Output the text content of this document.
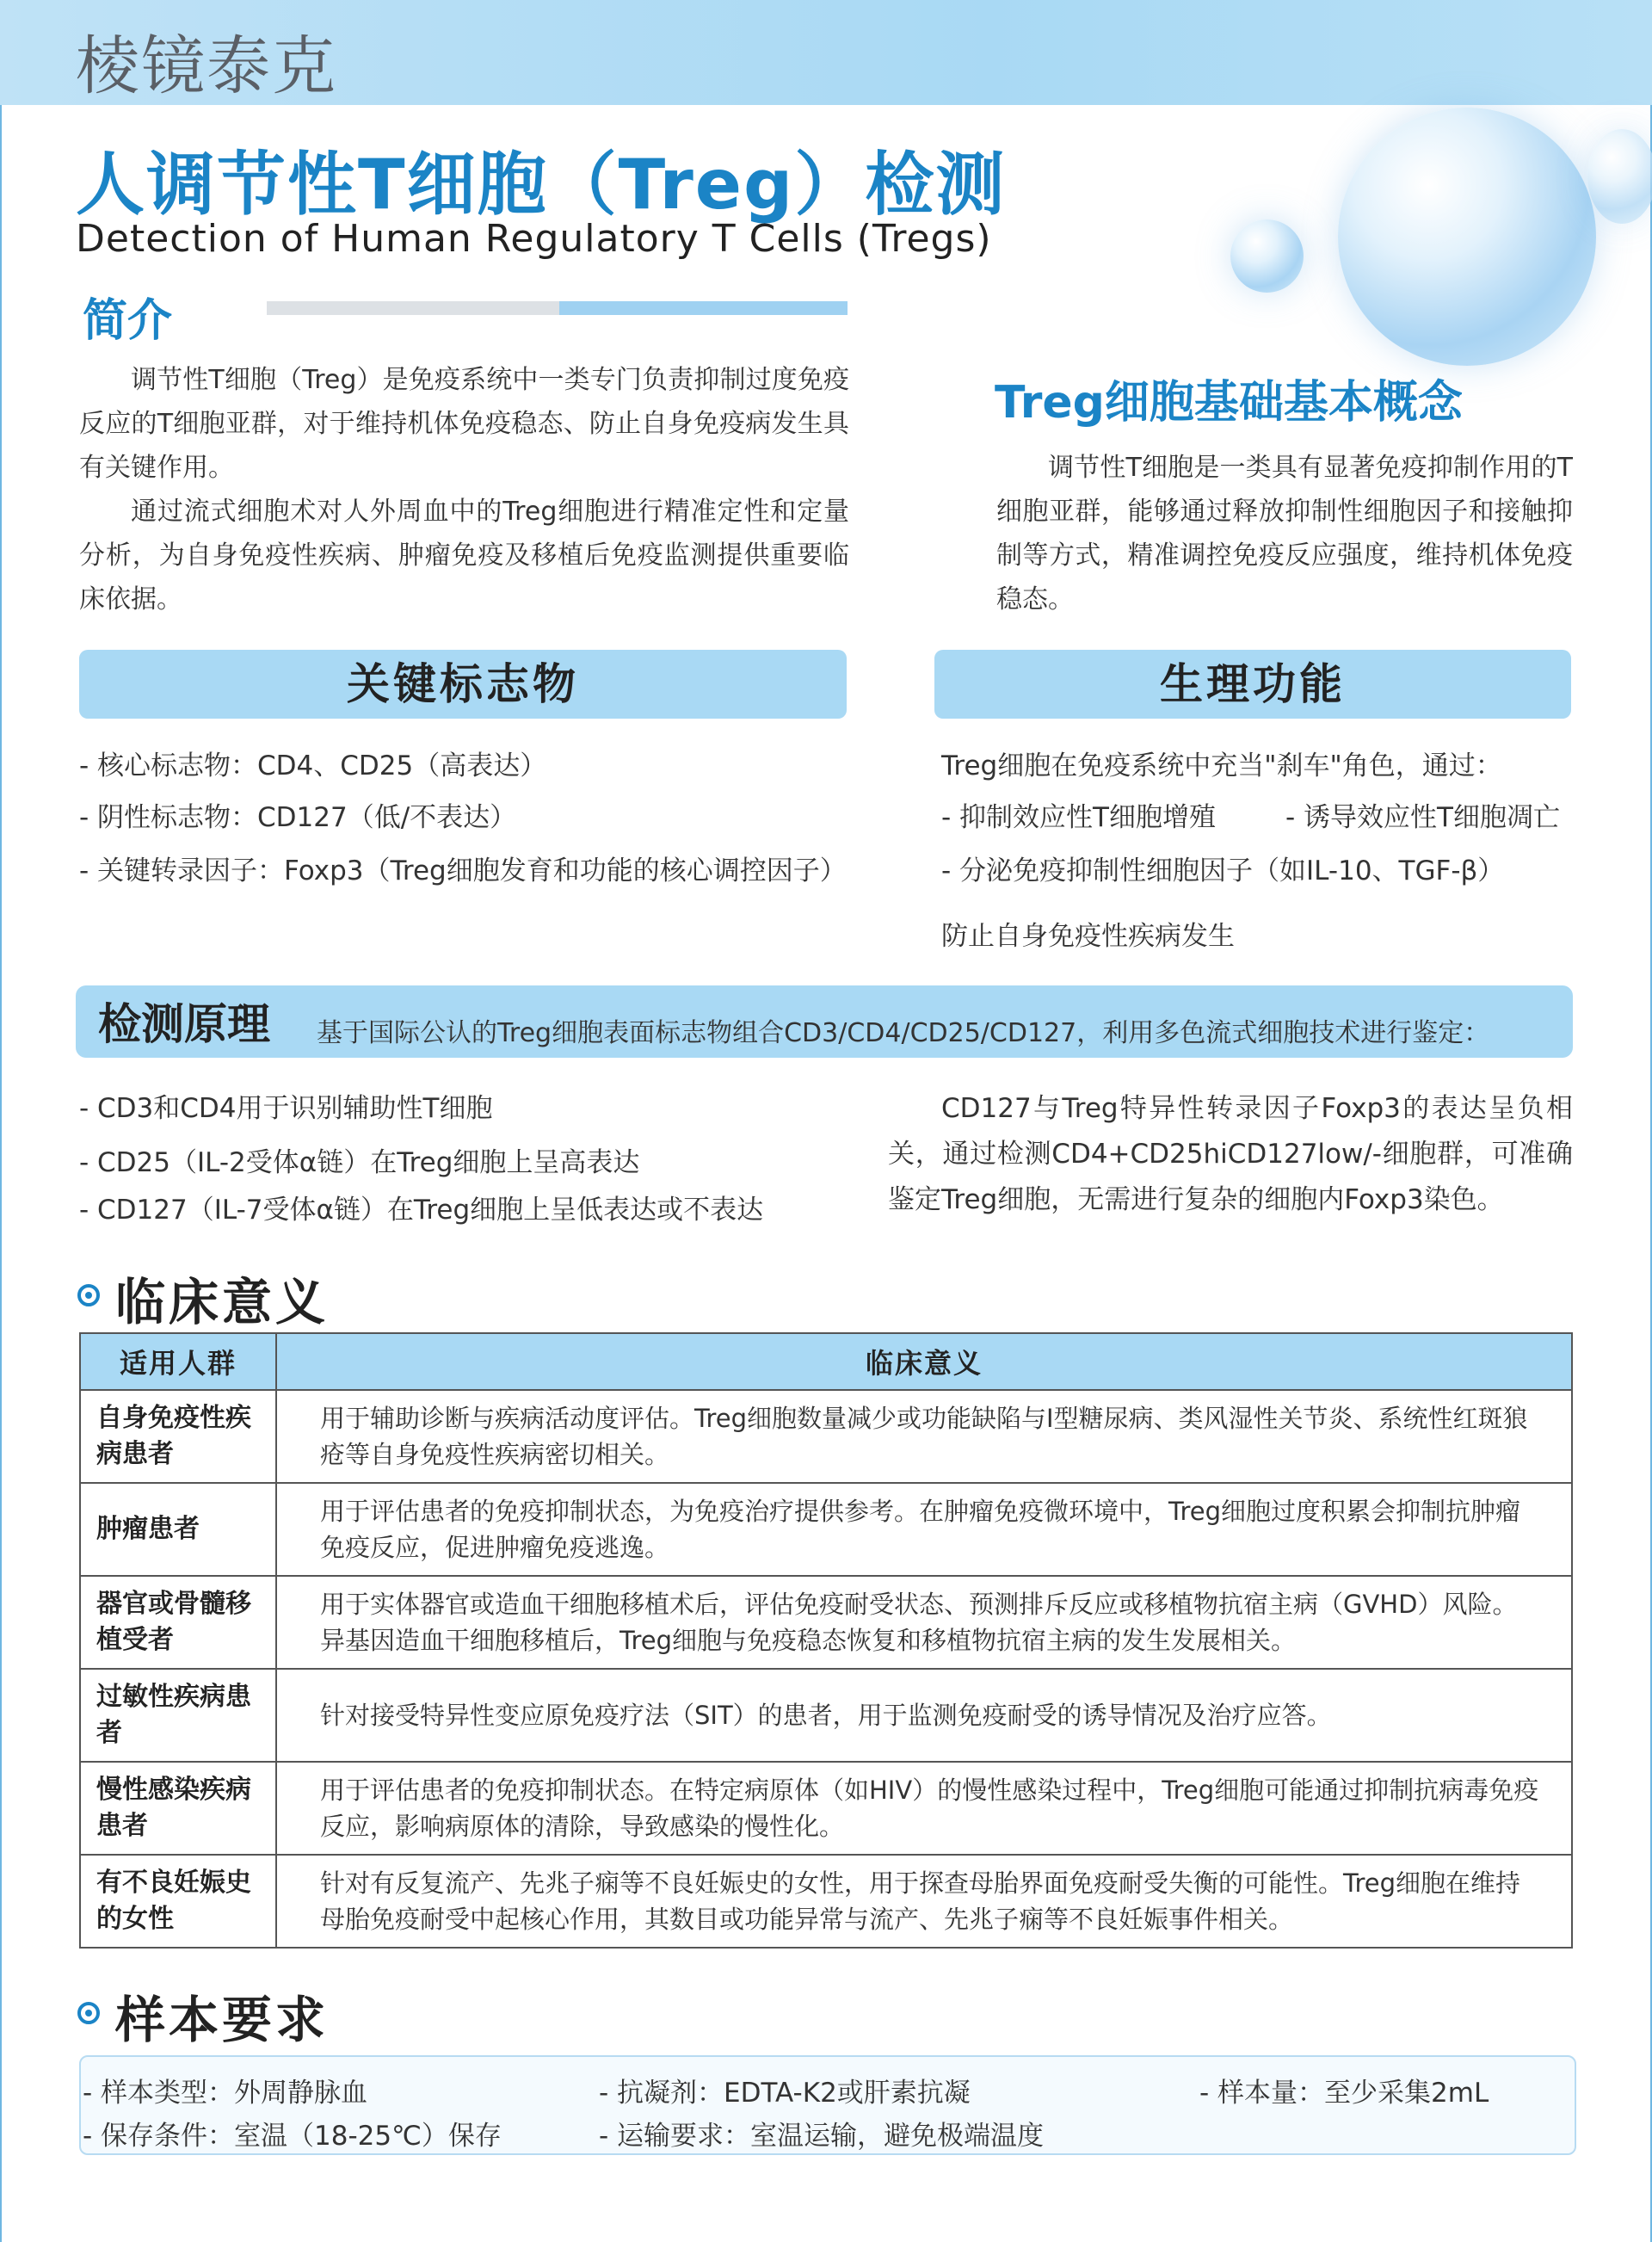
棱镜泰克
人调节性T细胞（Treg）检测
Detection of Human Regulatory T Cells (Tregs)
简介

调节性T细胞（Treg）是免疫系统中一类专门负责抑制过度免疫反应的T细胞亚群，对于维持机体免疫稳态、防止自身免疫病发生具有关键作用。

通过流式细胞术对人外周血中的Treg细胞进行精准定性和定量分析，为自身免疫性疾病、肿瘤免疫及移植后免疫监测提供重要临床依据。

Treg细胞基础基本概念

调节性T细胞是一类具有显著免疫抑制作用的T细胞亚群，能够通过释放抑制性细胞因子和接触抑制等方式，精准调控免疫反应强度，维持机体免疫稳态。

关键标志物
- 核心标志物：CD4、CD25（高表达）
- 阴性标志物：CD127（低/不表达）
- 关键转录因子：Foxp3（Treg细胞发育和功能的核心调控因子）
生理功能
Treg细胞在免疫系统中充当"刹车"角色，通过：
- 抑制效应性T细胞增殖	- 诱导效应性T细胞凋亡
- 分泌免疫抑制性细胞因子（如IL-10、TGF-β）
防止自身免疫性疾病发生
检测原理 基于国际公认的Treg细胞表面标志物组合CD3/CD4/CD25/CD127，利用多色流式细胞技术进行鉴定：
- CD3和CD4用于识别辅助性T细胞
- CD25（IL-2受体α链）在Treg细胞上呈高表达
- CD127（IL-7受体α链）在Treg细胞上呈低表达或不表达

CD127与Treg特异性转录因子Foxp3的表达呈负相关，通过检测CD4+CD25hiCD127low/-细胞群，可准确鉴定Treg细胞，无需进行复杂的细胞内Foxp3染色。

临床意义
适用人群	临床意义
自身免疫性疾病患者	用于辅助诊断与疾病活动度评估。Treg细胞数量减少或功能缺陷与I型糖尿病、类风湿性关节炎、系统性红斑狼疮等自身免疫性疾病密切相关。
肿瘤患者	用于评估患者的免疫抑制状态，为免疫治疗提供参考。在肿瘤免疫微环境中，Treg细胞过度积累会抑制抗肿瘤免疫反应，促进肿瘤免疫逃逸。
器官或骨髓移植受者	用于实体器官或造血干细胞移植术后，评估免疫耐受状态、预测排斥反应或移植物抗宿主病（GVHD）风险。异基因造血干细胞移植后，Treg细胞与免疫稳态恢复和移植物抗宿主病的发生发展相关。
过敏性疾病患者	针对接受特异性变应原免疫疗法（SIT）的患者，用于监测免疫耐受的诱导情况及治疗应答。
慢性感染疾病患者	用于评估患者的免疫抑制状态。在特定病原体（如HIV）的慢性感染过程中，Treg细胞可能通过抑制抗病毒免疫反应，影响病原体的清除，导致感染的慢性化。
有不良妊娠史的女性	针对有反复流产、先兆子痫等不良妊娠史的女性，用于探查母胎界面免疫耐受失衡的可能性。Treg细胞在维持母胎免疫耐受中起核心作用，其数目或功能异常与流产、先兆子痫等不良妊娠事件相关。
样本要求
- 样本类型：外周静脉血	- 抗凝剂：EDTA-K2或肝素抗凝	- 样本量：至少采集2mL
- 保存条件：室温（18-25℃）保存	- 运输要求：室温运输，避免极端温度
